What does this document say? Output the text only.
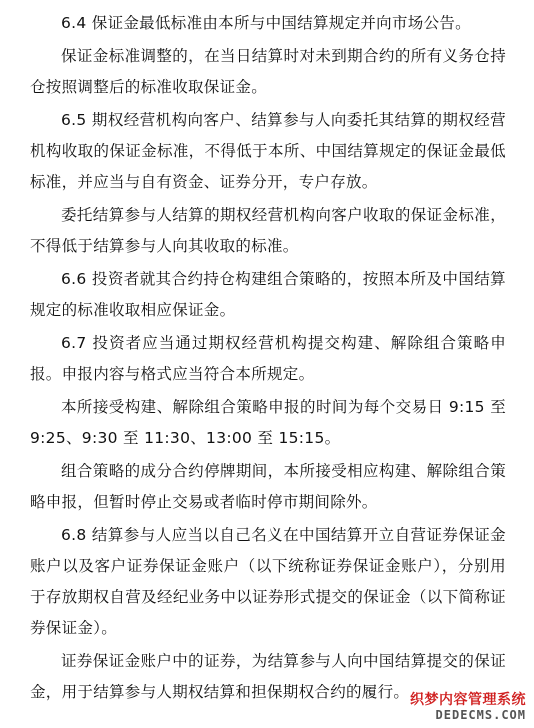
6.4 保证金最低标准由本所与中国结算规定并向市场公告。

保证金标准调整的，在当日结算时对未到期合约的所有义务仓持仓按照调整后的标准收取保证金。

6.5 期权经营机构向客户、结算参与人向委托其结算的期权经营机构收取的保证金标准，不得低于本所、中国结算规定的保证金最低标准，并应当与自有资金、证券分开，专户存放。

委托结算参与人结算的期权经营机构向客户收取的保证金标准，不得低于结算参与人向其收取的标准。

6.6 投资者就其合约持仓构建组合策略的，按照本所及中国结算规定的标准收取相应保证金。

6.7 投资者应当通过期权经营机构提交构建、解除组合策略申报。申报内容与格式应当符合本所规定。

本所接受构建、解除组合策略申报的时间为每个交易日 9:15 至 9:25、9:30 至 11:30、13:00 至 15:15。

组合策略的成分合约停牌期间，本所接受相应构建、解除组合策略申报，但暂时停止交易或者临时停市期间除外。

6.8 结算参与人应当以自己名义在中国结算开立自营证券保证金账户以及客户证券保证金账户（以下统称证券保证金账户），分别用于存放期权自营及经纪业务中以证券形式提交的保证金（以下简称证券保证金）。

证券保证金账户中的证券，为结算参与人向中国结算提交的保证金，用于结算参与人期权结算和担保期权合约的履行。 织梦内容管理系统
DEDECMS.COM
